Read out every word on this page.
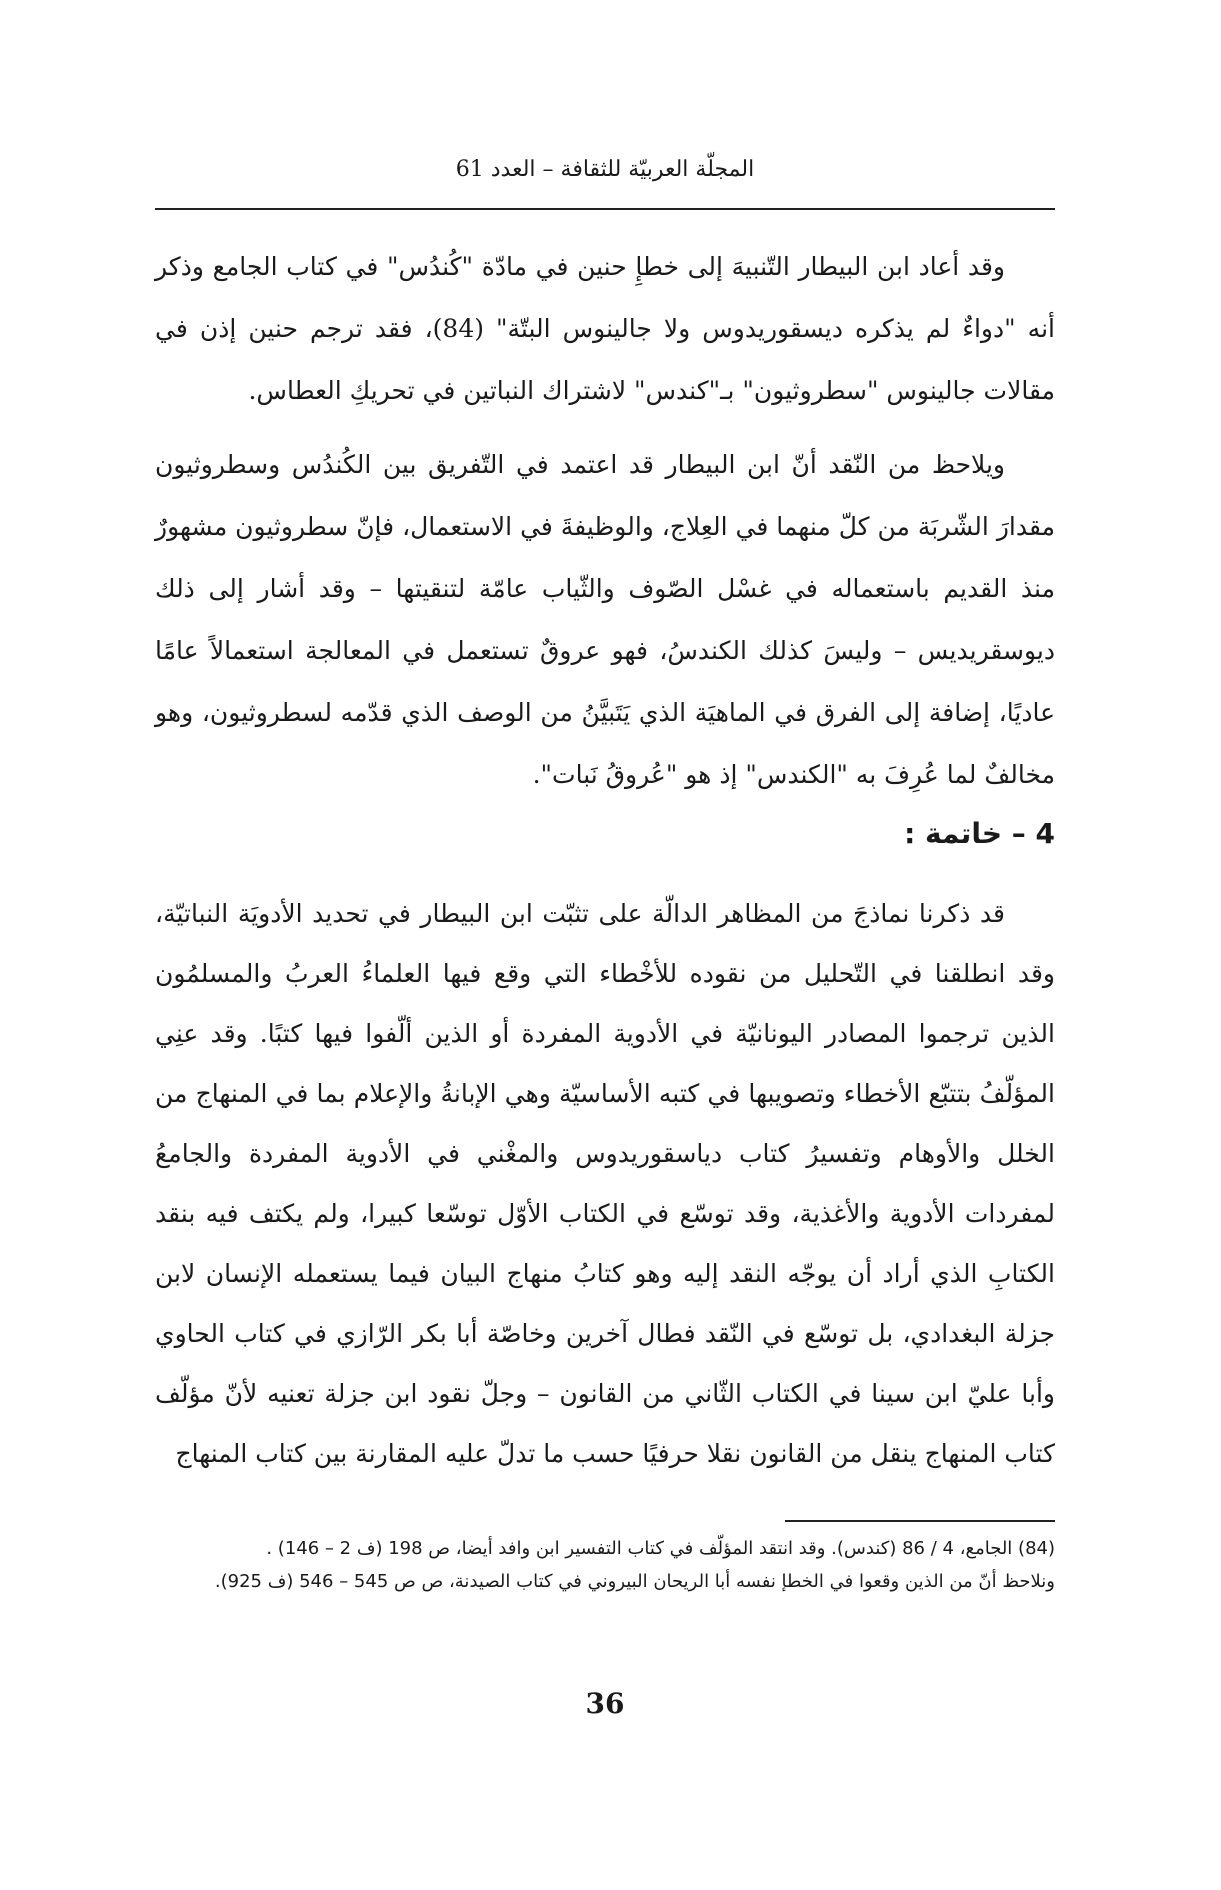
المجلّة العربيّة للثقافة – العدد 61

وقد أعاد ابن البيطار التّنبيهَ إلى خطإِ حنين في مادّة "كُندُس" في كتاب الجامع وذكر أنه "دواءٌ لم يذكره ديسقوريدوس ولا جالينوس البتّة" (84)، فقد ترجم حنين إذن في مقالات جالينوس "سطروثيون" بـ"كندس" لاشتراك النباتين في تحريكِ العطاس.

ويلاحظ من النّقد أنّ ابن البيطار قد اعتمد في التّفريق بين الكُندُس وسطروثيون مقدارَ الشّربَة من كلّ منهما في العِلاج، والوظيفةَ في الاستعمال، فإنّ سطروثيون مشهورٌ منذ القديم باستعماله في غسْل الصّوف والثّياب عامّة لتنقيتها – وقد أشار إلى ذلك ديوسقريديس – وليسَ كذلك الكندسُ، فهو عروقٌ تستعمل في المعالجة استعمالاً عامًا عاديًا، إضافة إلى الفرق في الماهيَة الذي يَتَبيَّنُ من الوصف الذي قدّمه لسطروثيون، وهو مخالفٌ لما عُرِفَ به "الكندس" إذ هو "عُروقُ نَبات".

4 – خاتمة :

قد ذكرنا نماذجَ من المظاهر الدالّة على تثبّت ابن البيطار في تحديد الأدويَة النباتيّة، وقد انطلقنا في التّحليل من نقوده للأخْطاء التي وقع فيها العلماءُ العربُ والمسلمُون الذين ترجموا المصادر اليونانيّة في الأدوية المفردة أو الذين ألّفوا فيها كتبًا. وقد عنِي المؤلّفُ بتتبّع الأخطاء وتصويبها في كتبه الأساسيّة وهي الإبانةُ والإعلام بما في المنهاج من الخلل والأوهام وتفسيرُ كتاب دياسقوريدوس والمغْني في الأدوية المفردة والجامعُ لمفردات الأدوية والأغذية، وقد توسّع في الكتاب الأوّل توسّعا كبيرا، ولم يكتف فيه بنقد الكتابِ الذي أراد أن يوجّه النقد إليه وهو كتابُ منهاج البيان فيما يستعمله الإنسان لابن جزلة البغدادي، بل توسّع في النّقد فطال آخرين وخاصّة أبا بكر الرّازي في كتاب الحاوي وأبا عليّ ابن سينا في الكتاب الثّاني من القانون – وجلّ نقود ابن جزلة تعنيه لأنّ مؤلّف كتاب المنهاج ينقل من القانون نقلا حرفيًا حسب ما تدلّ عليه المقارنة بين كتاب المنهاج

(84) الجامع، 4 / 86 (كندس). وقد انتقد المؤلّف في كتاب التفسير ابن وافد أيضا، ص 198 (ف 2 – 146) .

ونلاحظ أنّ من الذين وقعوا في الخطإ نفسه أبا الريحان البيروني في كتاب الصيدنة، ص ص 545 – 546 (ف 925).

36
